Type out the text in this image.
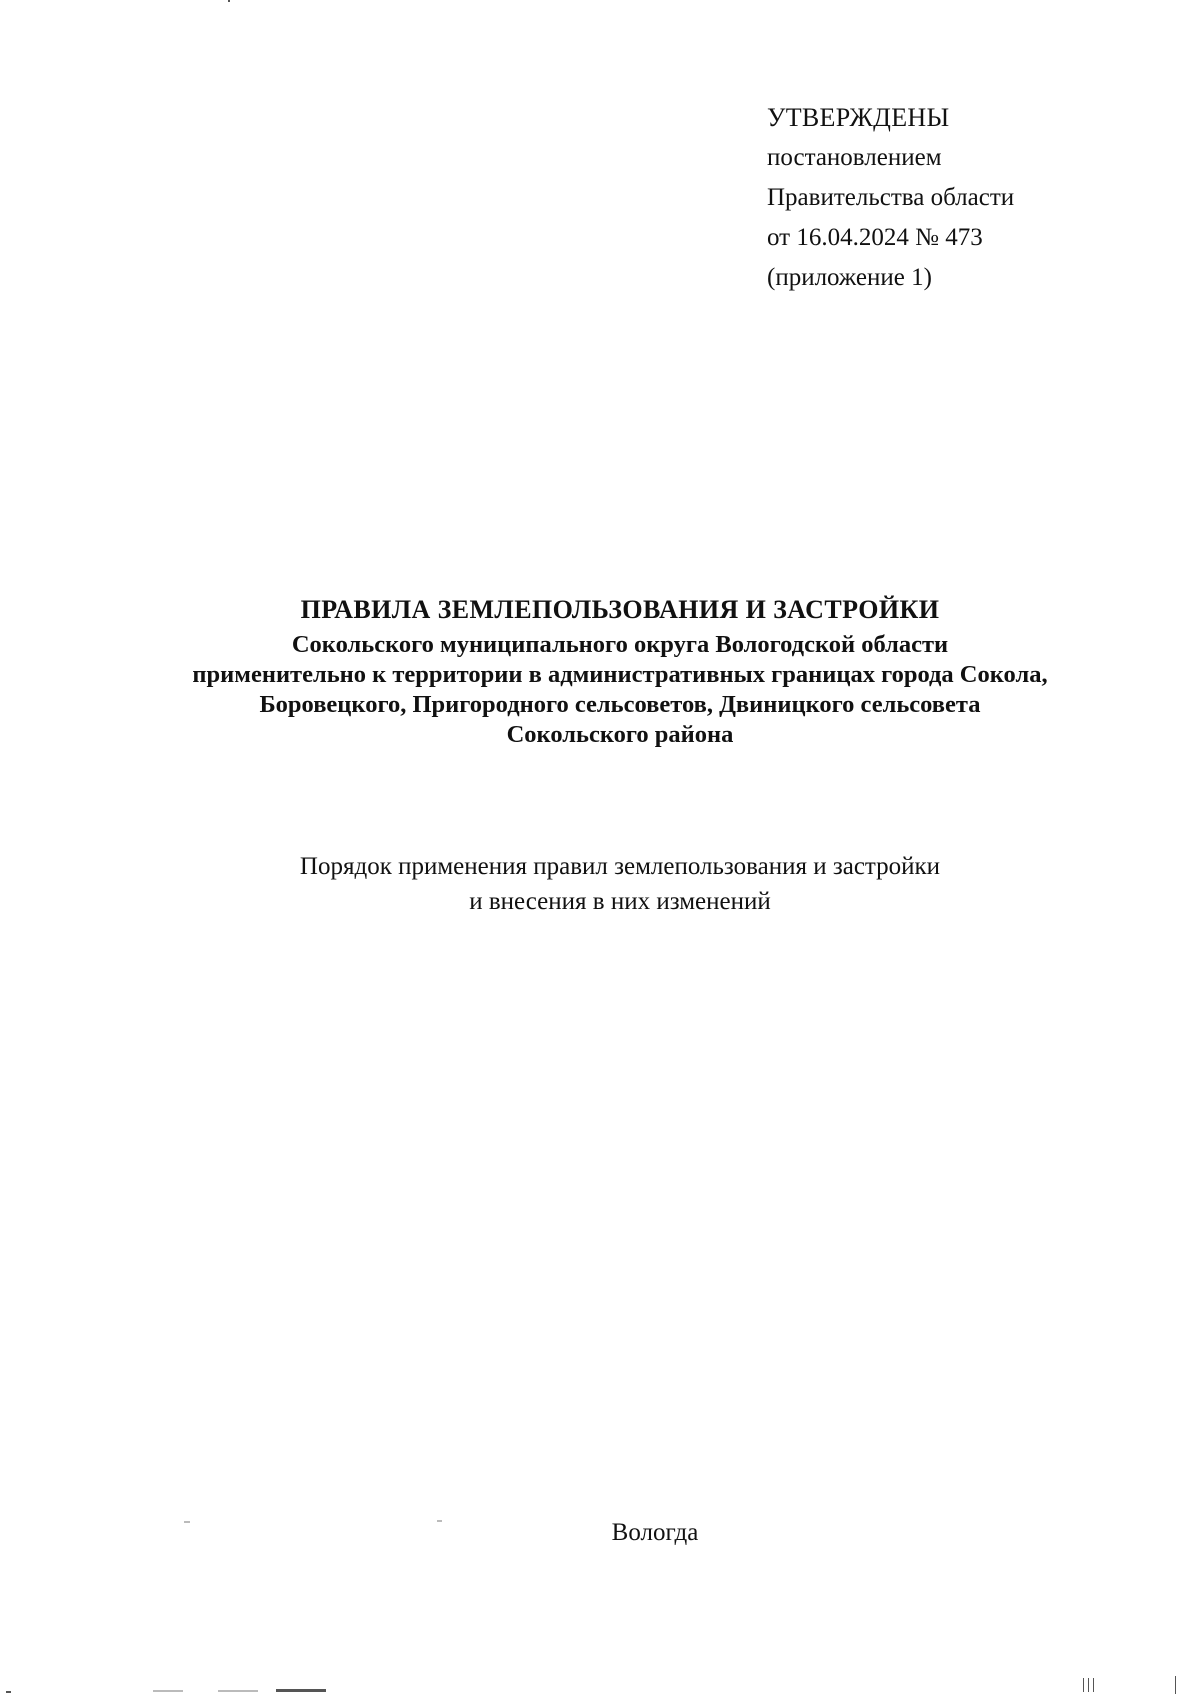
УТВЕРЖДЕНЫ
постановлением
Правительства области
от 16.04.2024 № 473
(приложение 1)
ПРАВИЛА ЗЕМЛЕПОЛЬЗОВАНИЯ И ЗАСТРОЙКИ
Сокольского муниципального округа Вологодской области
применительно к территории в административных границах города Сокола,
Боровецкого, Пригородного сельсоветов, Двиницкого сельсовета
Сокольского района
Порядок применения правил землепользования и застройки
и внесения в них изменений
Вологда
